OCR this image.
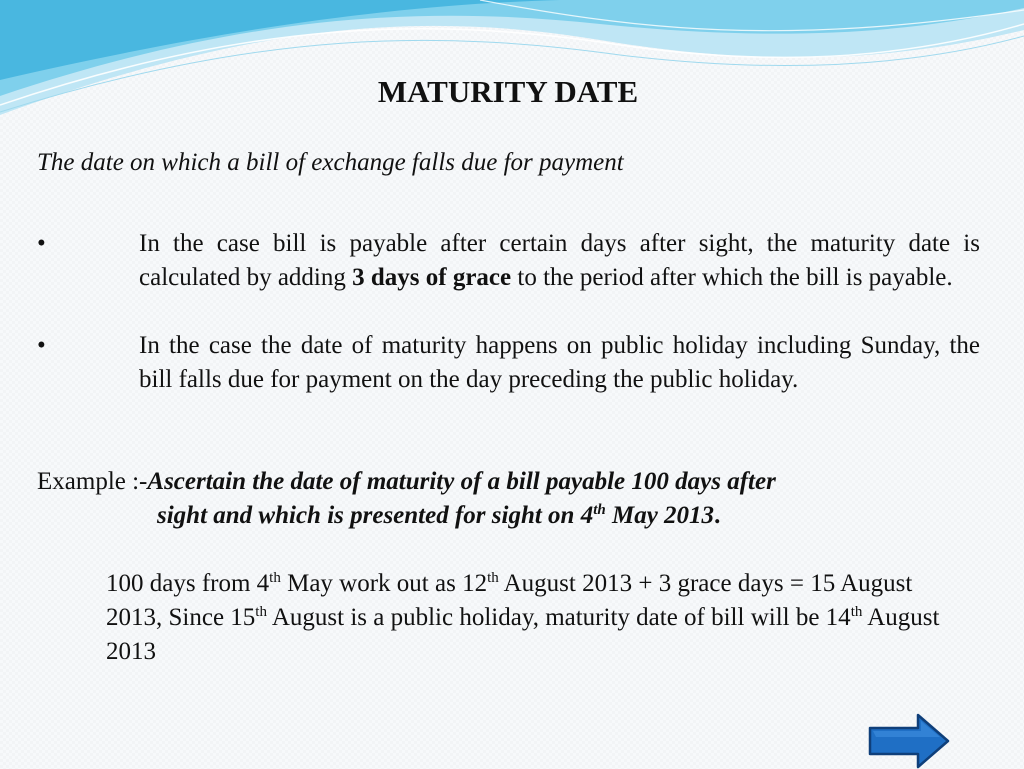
MATURITY DATE
The date on which a bill of exchange falls due for payment
•	In the case bill is payable after certain days after sight, the maturity date is calculated by adding 3 days of grace to the period after which the bill is payable.
•	In the case the date of maturity happens on public holiday including Sunday, the bill falls due for payment on the day preceding the public holiday.
Example :-Ascertain the date of maturity of a bill payable 100 days after
sight and which is presented for sight on 4th May 2013.
100 days from 4th May work out as 12th August 2013 + 3 grace days = 15 August 2013, Since 15th August is a public holiday, maturity date of bill will be 14th August 2013
